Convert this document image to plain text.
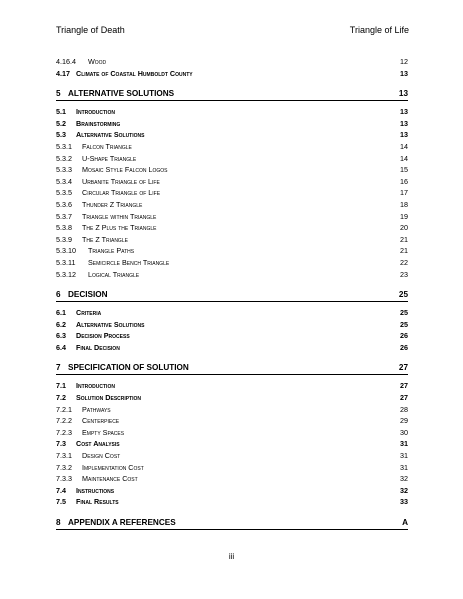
Triangle of Death	Triangle of Life
4.16.4 Wood	12
4.17 Climate of Coastal Humboldt County	13
5 ALTERNATIVE SOLUTIONS	13
5.1 Introduction	13
5.2 Brainstorming	13
5.3 Alternative Solutions	13
5.3.1 Falcon Triangle	14
5.3.2 U-Shape Triangle	14
5.3.3 Mosaic Style Falcon Logos	15
5.3.4 Urbanite Triangle of Life	16
5.3.5 Circular Triangle of Life	17
5.3.6 Thunder Z Triangle	18
5.3.7 Triangle within Triangle	19
5.3.8 The Z Plus the Triangle	20
5.3.9 The Z Triangle	21
5.3.10 Triangle Paths	21
5.3.11 Semicircle Bench Triangle	22
5.3.12 Logical Triangle	23
6 DECISION	25
6.1 Criteria	25
6.2 Alternative Solutions	25
6.3 Decision Process	26
6.4 Final Decision	26
7 SPECIFICATION OF SOLUTION	27
7.1 Introduction	27
7.2 Solution Description	27
7.2.1 Pathways	28
7.2.2 Centerpiece	29
7.2.3 Empty Spaces	30
7.3 Cost Analysis	31
7.3.1 Design Cost	31
7.3.2 Implementation Cost	31
7.3.3 Maintenance Cost	32
7.4 Instructions	32
7.5 Final Results	33
8 APPENDIX A REFERENCES	A
iii
